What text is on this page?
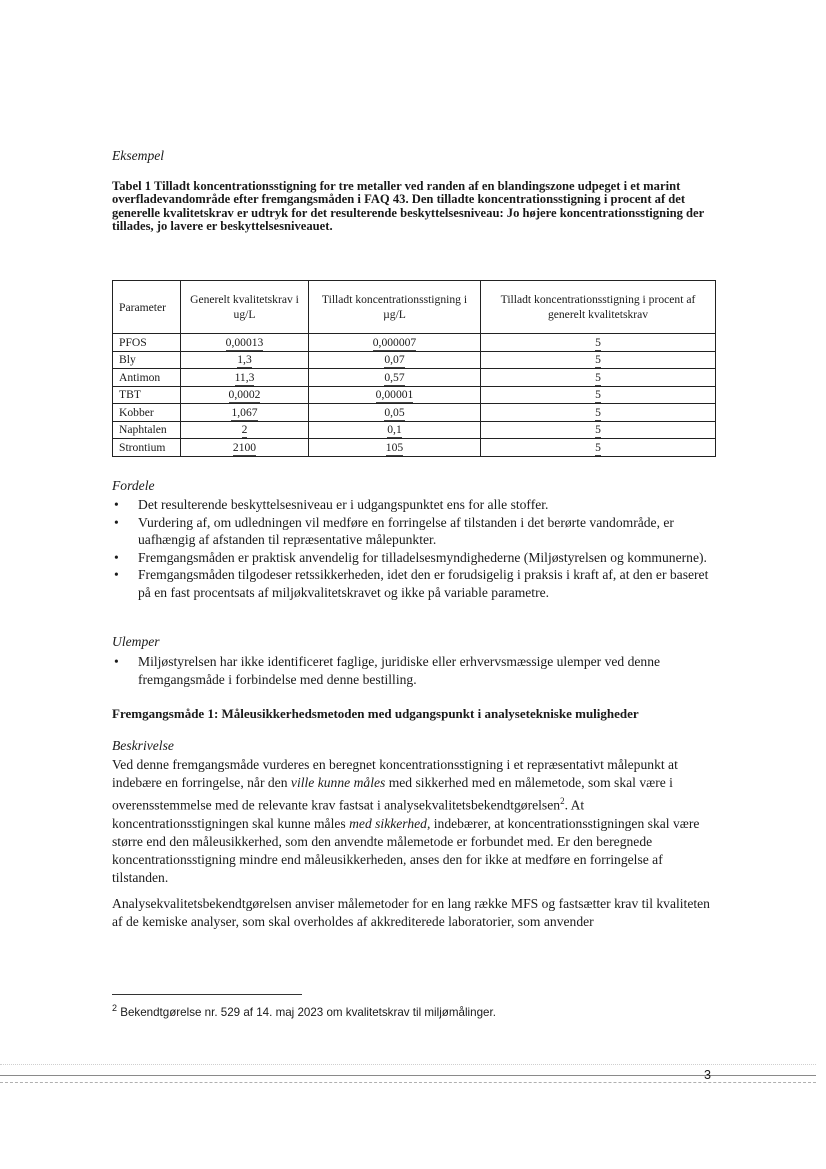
Eksempel
Tabel 1 Tilladt koncentrationsstigning for tre metaller ved randen af en blandingszone udpeget i et marint overfladevandområde efter fremgangsmåden i FAQ 43. Den tilladte koncentrationsstigning i procent af det generelle kvalitetskrav er udtryk for det resulterende beskyttelsesniveau: Jo højere koncentrationsstigning der tillades, jo lavere er beskyttelsesniveauet.
Parameter	Generelt kvalitetskrav i ug/L	Tilladt koncentrationsstigning i µg/L	Tilladt koncentrationsstigning i procent af generelt kvalitetskrav
PFOS	0,00013	0,000007	5
Bly	1,3	0,07	5
Antimon	11,3	0,57	5
TBT	0,0002	0,00001	5
Kobber	1,067	0,05	5
Naphtalen	2	0,1	5
Strontium	2100	105	5
Fordele
• Det resulterende beskyttelsesniveau er i udgangspunktet ens for alle stoffer.
• Vurdering af, om udledningen vil medføre en forringelse af tilstanden i det berørte vandområde, er uafhængig af afstanden til repræsentative målepunkter.
• Fremgangsmåden er praktisk anvendelig for tilladelsesmyndighederne (Miljøstyrelsen og kommunerne).
• Fremgangsmåden tilgodeser retssikkerheden, idet den er forudsigelig i praksis i kraft af, at den er baseret på en fast procentsats af miljøkvalitetskravet og ikke på variable parametre.
Ulemper
• Miljøstyrelsen har ikke identificeret faglige, juridiske eller erhvervsmæssige ulemper ved denne fremgangsmåde i forbindelse med denne bestilling.
Fremgangsmåde 1: Måleusikkerhedsmetoden med udgangspunkt i analysetekniske muligheder
Beskrivelse
Ved denne fremgangsmåde vurderes en beregnet koncentrationsstigning i et repræsentativt målepunkt at indebære en forringelse, når den ville kunne måles med sikkerhed med en målemetode, som skal være i overensstemmelse med de relevante krav fastsat i analysekvalitetsbekendtgørelsen$^2$. At koncentrationsstigningen skal kunne måles med sikkerhed, indebærer, at koncentrationsstigningen skal være større end den måleusikkerhed, som den anvendte målemetode er forbundet med. Er den beregnede koncentrationsstigning mindre end måleusikkerheden, anses den for ikke at medføre en forringelse af tilstanden.
Analysekvalitetsbekendtgørelsen anviser målemetoder for en lang række MFS og fastsætter krav til kvaliteten af de kemiske analyser, som skal overholdes af akkrediterede laboratorier, som anvender
$^2$ Bekendtgørelse nr. 529 af 14. maj 2023 om kvalitetskrav til miljømålinger.
3
